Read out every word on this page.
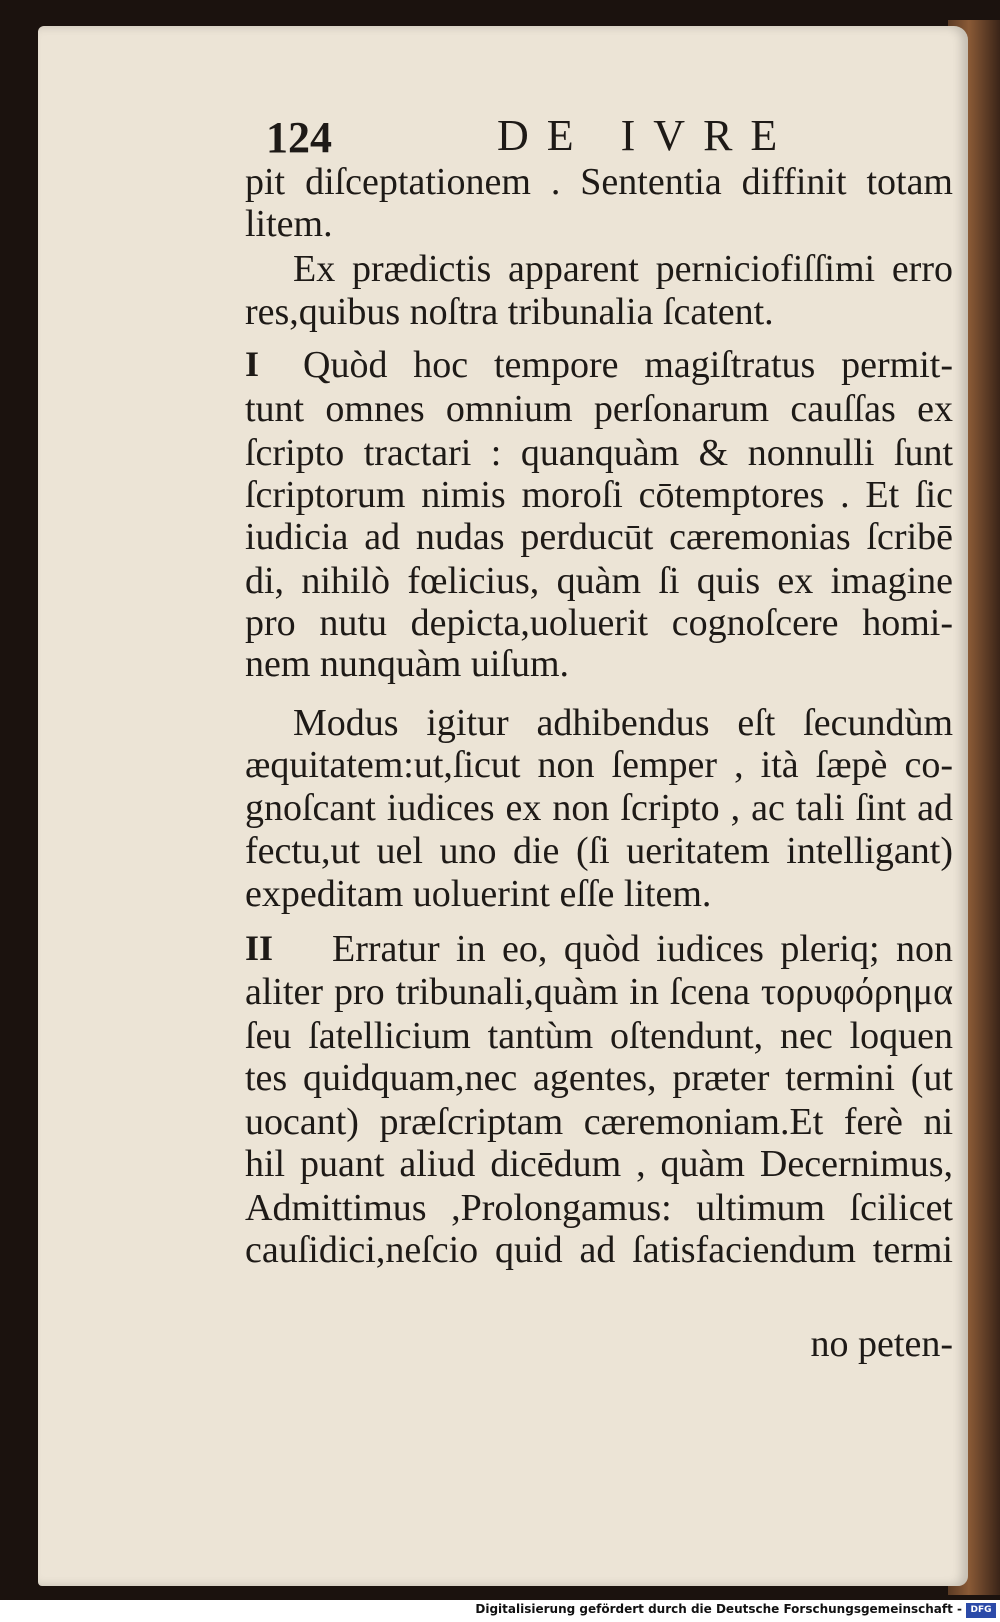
124	DE IVRE
pit diſceptationem . Sententia diffinit totam
litem.
Ex prædictis apparent perniciofiſſimi erro
res,quibus noſtra tribunalia ſcatent.
I Quòd hoc tempore magiſtratus permit-
tunt omnes omnium perſonarum cauſſas ex
ſcripto tractari : quanquàm & nonnulli ſunt
ſcriptorum nimis moroſi cōtemptores . Et ſic
iudicia ad nudas perducūt cæremonias ſcribē
di, nihilò fœlicius, quàm ſi quis ex imagine
pro nutu depicta,uoluerit cognoſcere homi-
nem nunquàm uiſum.
Modus igitur adhibendus eſt ſecundùm
æquitatem:ut,ſicut non ſemper , ità ſæpè co-
gnoſcant iudices ex non ſcripto , ac tali ſint ad
fectu,ut uel uno die (ſi ueritatem intelligant)
expeditam uoluerint eſſe litem.
II Erratur in eo, quòd iudices pleriq; non
aliter pro tribunali,quàm in ſcena τορυφόρημα
ſeu ſatellicium tantùm oſtendunt, nec loquen
tes quidquam,nec agentes, præter termini (ut
uocant) præſcriptam cæremoniam.Et ferè ni
hil puant aliud dicēdum , quàm Decernimus,
Admittimus ,Prolongamus: ultimum ſcilicet
cauſidici,neſcio quid ad ſatisfaciendum termi
no peten-
Digitalisierung gefördert durch die Deutsche Forschungsgemeinschaft - DFG
